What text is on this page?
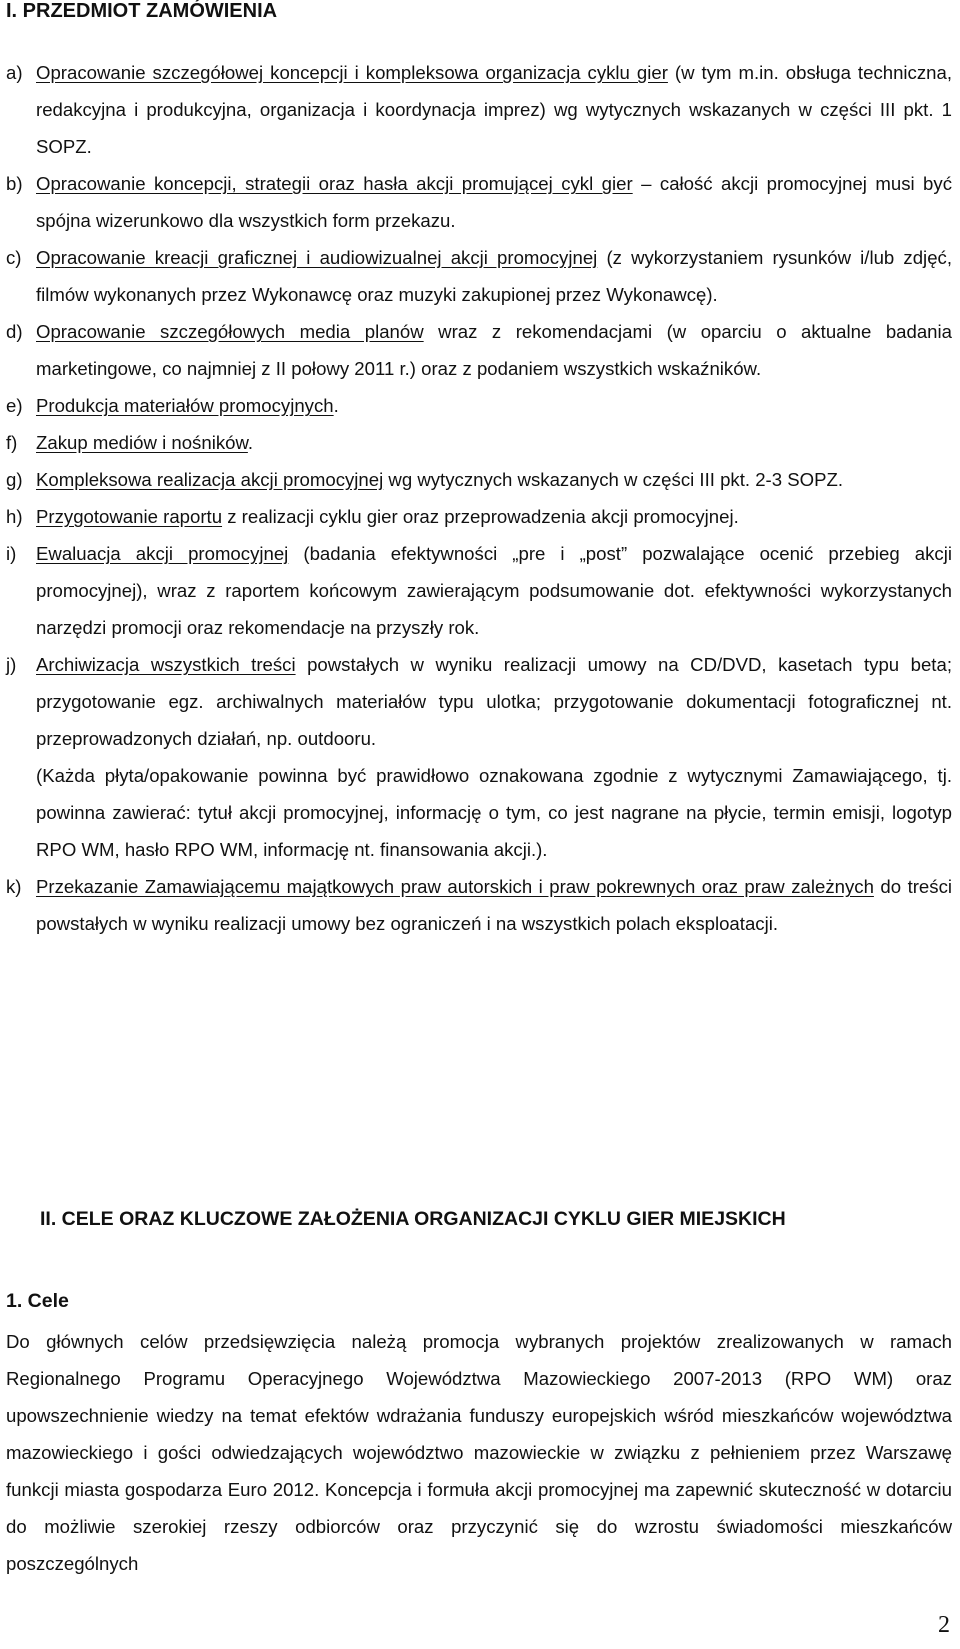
I. PRZEDMIOT ZAMÓWIENIA
a) Opracowanie szczegółowej koncepcji i kompleksowa organizacja cyklu gier (w tym m.in. obsługa techniczna, redakcyjna i produkcyjna, organizacja i koordynacja imprez) wg wytycznych wskazanych w części III pkt. 1 SOPZ.
b) Opracowanie koncepcji, strategii oraz hasła akcji promującej cykl gier – całość akcji promocyjnej musi być spójna wizerunkowo dla wszystkich form przekazu.
c) Opracowanie kreacji graficznej i audiowizualnej akcji promocyjnej (z wykorzystaniem rysunków i/lub zdjęć, filmów wykonanych przez Wykonawcę oraz muzyki zakupionej przez Wykonawcę).
d) Opracowanie szczegółowych media planów wraz z rekomendacjami (w oparciu o aktualne badania marketingowe, co najmniej z II połowy 2011 r.) oraz z podaniem wszystkich wskaźników.
e) Produkcja materiałów promocyjnych.
f) Zakup mediów i nośników.
g) Kompleksowa realizacja akcji promocyjnej wg wytycznych wskazanych w części III pkt. 2-3 SOPZ.
h) Przygotowanie raportu z realizacji cyklu gier oraz przeprowadzenia akcji promocyjnej.
i) Ewaluacja akcji promocyjnej (badania efektywności „pre i „post” pozwalające ocenić przebieg akcji promocyjnej), wraz z raportem końcowym zawierającym podsumowanie dot. efektywności wykorzystanych narzędzi promocji oraz rekomendacje na przyszły rok.
j) Archiwizacja wszystkich treści powstałych w wyniku realizacji umowy na CD/DVD, kasetach typu beta; przygotowanie egz. archiwalnych materiałów typu ulotka; przygotowanie dokumentacji fotograficznej nt. przeprowadzonych działań, np. outdooru.
(Każda płyta/opakowanie powinna być prawidłowo oznakowana zgodnie z wytycznymi Zamawiającego, tj. powinna zawierać: tytuł akcji promocyjnej, informację o tym, co jest nagrane na płycie, termin emisji, logotyp RPO WM, hasło RPO WM, informację nt. finansowania akcji.).
k) Przekazanie Zamawiającemu majątkowych praw autorskich i praw pokrewnych oraz praw zależnych do treści powstałych w wyniku realizacji umowy bez ograniczeń i na wszystkich polach eksploatacji.
II. CELE ORAZ KLUCZOWE ZAŁOŻENIA ORGANIZACJI CYKLU GIER MIEJSKICH
1. Cele
Do głównych celów przedsięwzięcia należą promocja wybranych projektów zrealizowanych w ramach Regionalnego Programu Operacyjnego Województwa Mazowieckiego 2007-2013 (RPO WM) oraz upowszechnienie wiedzy na temat efektów wdrażania funduszy europejskich wśród mieszkańców województwa mazowieckiego i gości odwiedzających województwo mazowieckie w związku z pełnieniem przez Warszawę funkcji miasta gospodarza Euro 2012. Koncepcja i formuła akcji promocyjnej ma zapewnić skuteczność w dotarciu do możliwie szerokiej rzeszy odbiorców oraz przyczynić się do wzrostu świadomości mieszkańców poszczególnych
2
